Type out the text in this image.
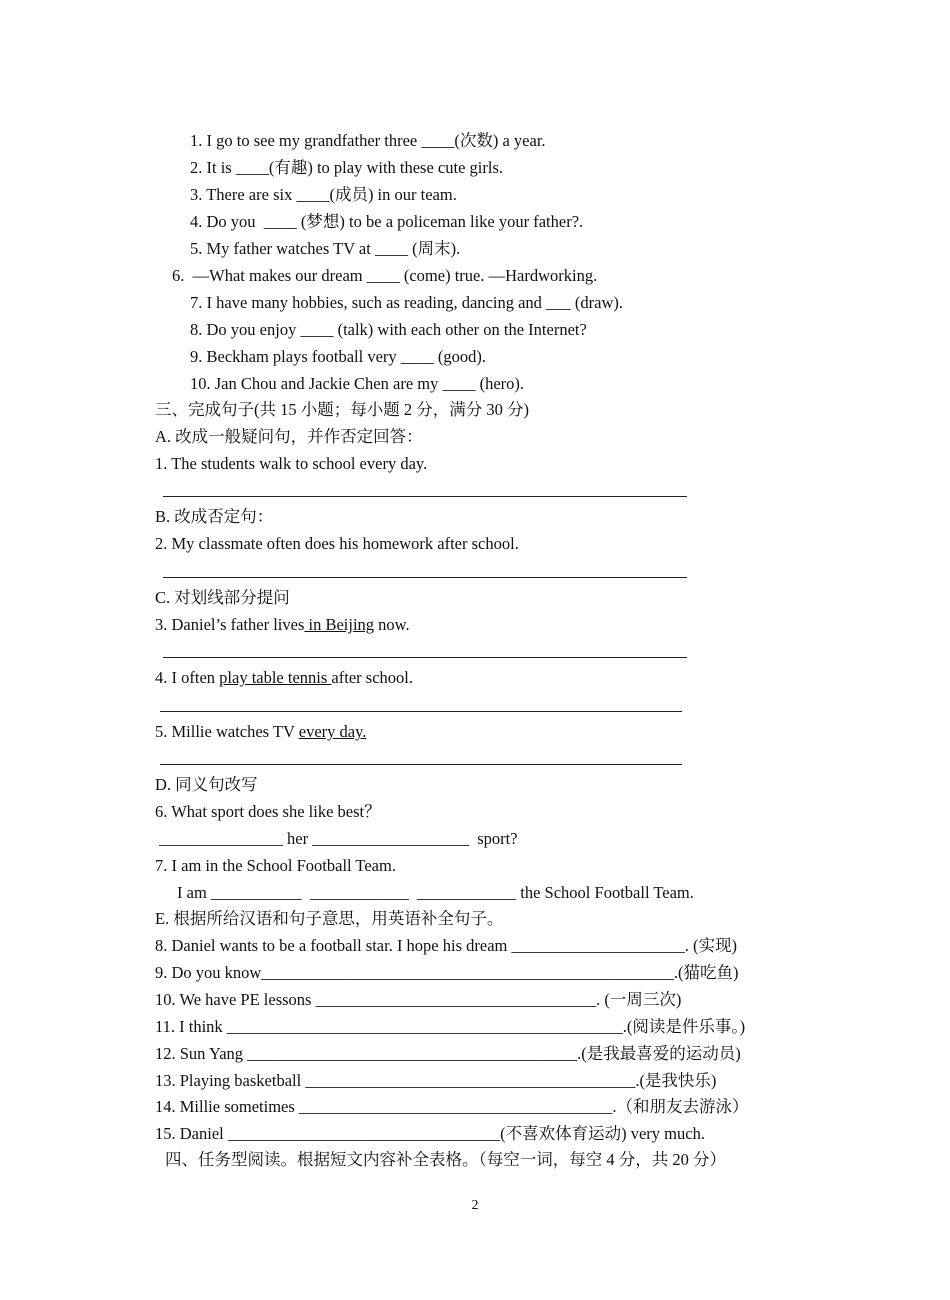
1. I go to see my grandfather three ____(次数) a year.
2. It is ____(有趣) to play with these cute girls.
3. There are six ____(成员) in our team.
4. Do you  ____ (梦想) to be a policeman like your father?.
5. My father watches TV at ____ (周末).
6.  —What makes our dream ____ (come) true. —Hardworking.
7. I have many hobbies, such as reading, dancing and ___ (draw).
8. Do you enjoy ____ (talk) with each other on the Internet?
9. Beckham plays football very ____ (good).
10. Jan Chou and Jackie Chen are my ____ (hero).
三、完成句子(共 15 小题；每小题 2 分，满分 30 分)
A. 改成一般疑问句，并作否定回答：
1. The students walk to school every day.
B. 改成否定句：
2. My classmate often does his homework after school.
C. 对划线部分提问
3. Daniel’s father lives in Beijing now.
4. I often play table tennis after school.
5. Millie watches TV every day.
D. 同义句改写
6. What sport does she like best？
_______________ her ___________________  sport?
7. I am in the School Football Team.
I am ___________  ____________  ____________ the School Football Team.
E. 根据所给汉语和句子意思，用英语补全句子。
8. Daniel wants to be a football star. I hope his dream _____________________. (实现)
9. Do you know__________________________________________________.(猫吃鱼)
10. We have PE lessons __________________________________. (一周三次)
11. I think ________________________________________________.(阅读是件乐事。)
12. Sun Yang ________________________________________.(是我最喜爱的运动员)
13. Playing basketball ________________________________________.(是我快乐)
14. Millie sometimes ______________________________________.（和朋友去游泳）
15. Daniel _________________________________(不喜欢体育运动) very much.
四、任务型阅读。根据短文内容补全表格。（每空一词，每空 4 分，共 20 分）
2
